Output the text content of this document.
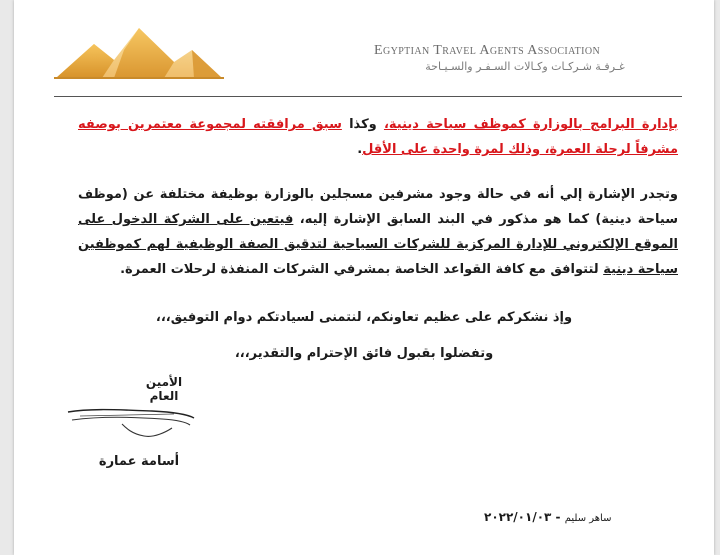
Egyptian Travel Agents Association
غـرفـة شـركـات وكـالات السـفـر والسـيـاحة
بإدارة البرامج بالوزارة كموظف سياحة دينية، وكذا سبق مرافقته لمجموعة معتمرين بوصفه مشرفاً لرحلة العمرة، وذلك لمرة واحدة على الأقل.
وتجدر الإشارة إلي أنه في حالة وجود مشرفين مسجلين بالوزارة بوظيفة مختلفة عن (موظف سياحة دينية) كما هو مذكور في البند السابق الإشارة إليه، فيتعين على الشركة الدخول على الموقع الإلكتروني للإدارة المركزية للشركات السياحية لتدقيق الصفة الوظيفية لهم كموظفين سياحة دينية لتتوافق مع كافة القواعد الخاصة بمشرفي الشركات المنفذة لرحلات العمرة.
وإذ نشكركم على عظيم تعاونكم، لنتمنى لسيادتكم دوام التوفيق،،،
وتفضلوا بقبول فائق الإحترام والتقدير،،،
الأمين العام
أسامة عمارة
ساهر سليم - ٢٠٢٢/٠١/٠٣
